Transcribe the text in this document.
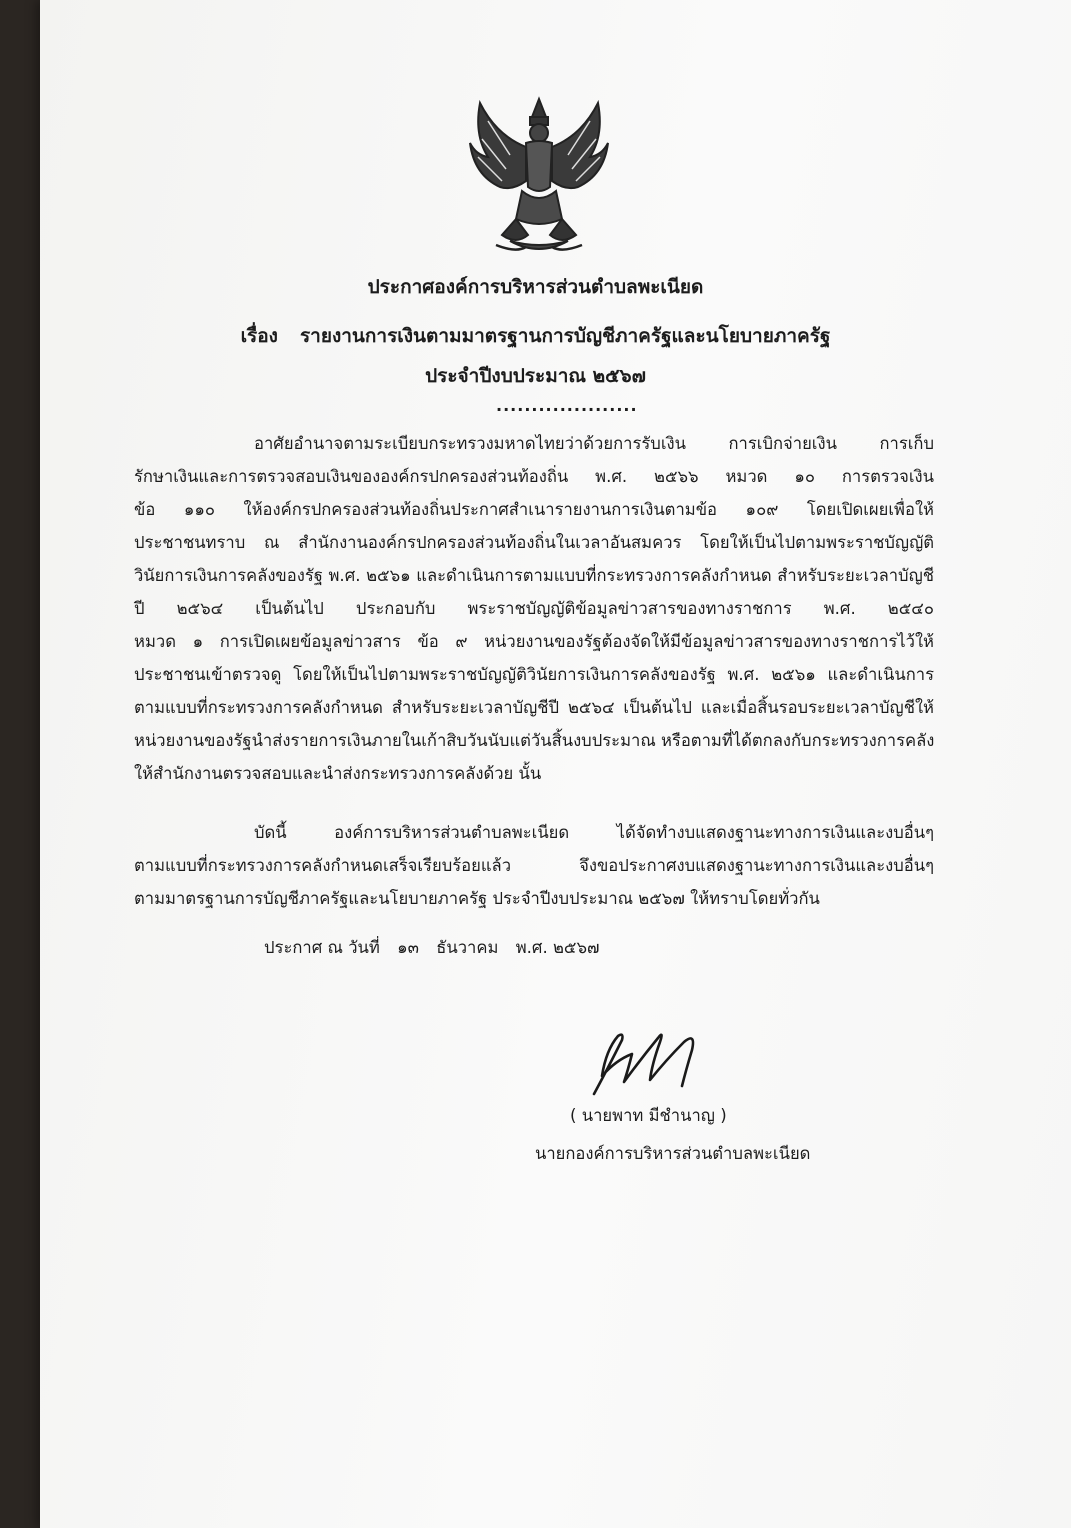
ประกาศองค์การบริหารส่วนตำบลพะเนียด
เรื่อง รายงานการเงินตามมาตรฐานการบัญชีภาครัฐและนโยบายภาครัฐ
ประจำปีงบประมาณ ๒๕๖๗
....................
อาศัยอำนาจตามระเบียบกระทรวงมหาดไทยว่าด้วยการรับเงิน การเบิกจ่ายเงิน การเก็บ
รักษาเงินและการตรวจสอบเงินขององค์กรปกครองส่วนท้องถิ่น พ.ศ. ๒๕๖๖ หมวด ๑๐ การตรวจเงิน
ข้อ ๑๑๐ ให้องค์กรปกครองส่วนท้องถิ่นประกาศสำเนารายงานการเงินตามข้อ ๑๐๙ โดยเปิดเผยเพื่อให้
ประชาชนทราบ ณ สำนักงานองค์กรปกครองส่วนท้องถิ่นในเวลาอันสมควร โดยให้เป็นไปตามพระราชบัญญัติ
วินัยการเงินการคลังของรัฐ พ.ศ. ๒๕๖๑ และดำเนินการตามแบบที่กระทรวงการคลังกำหนด สำหรับระยะเวลาบัญชี
ปี ๒๕๖๔ เป็นต้นไป ประกอบกับ พระราชบัญญัติข้อมูลข่าวสารของทางราชการ พ.ศ. ๒๕๔๐
หมวด ๑ การเปิดเผยข้อมูลข่าวสาร ข้อ ๙ หน่วยงานของรัฐต้องจัดให้มีข้อมูลข่าวสารของทางราชการไว้ให้
ประชาชนเข้าตรวจดู โดยให้เป็นไปตามพระราชบัญญัติวินัยการเงินการคลังของรัฐ พ.ศ. ๒๕๖๑ และดำเนินการ
ตามแบบที่กระทรวงการคลังกำหนด สำหรับระยะเวลาบัญชีปี ๒๕๖๔ เป็นต้นไป และเมื่อสิ้นรอบระยะเวลาบัญชีให้
หน่วยงานของรัฐนำส่งรายการเงินภายในเก้าสิบวันนับแต่วันสิ้นงบประมาณ หรือตามที่ได้ตกลงกับกระทรวงการคลัง
ให้สำนักงานตรวจสอบและนำส่งกระทรวงการคลังด้วย นั้น
บัดนี้ องค์การบริหารส่วนตำบลพะเนียด ได้จัดทำงบแสดงฐานะทางการเงินและงบอื่นๆ
ตามแบบที่กระทรวงการคลังกำหนดเสร็จเรียบร้อยแล้ว จึงขอประกาศงบแสดงฐานะทางการเงินและงบอื่นๆ
ตามมาตรฐานการบัญชีภาครัฐและนโยบายภาครัฐ ประจำปีงบประมาณ ๒๕๖๗ ให้ทราบโดยทั่วกัน
ประกาศ ณ วันที่ ๑๓ ธันวาคม พ.ศ. ๒๕๖๗
( นายพาท มีชำนาญ )
นายกองค์การบริหารส่วนตำบลพะเนียด
